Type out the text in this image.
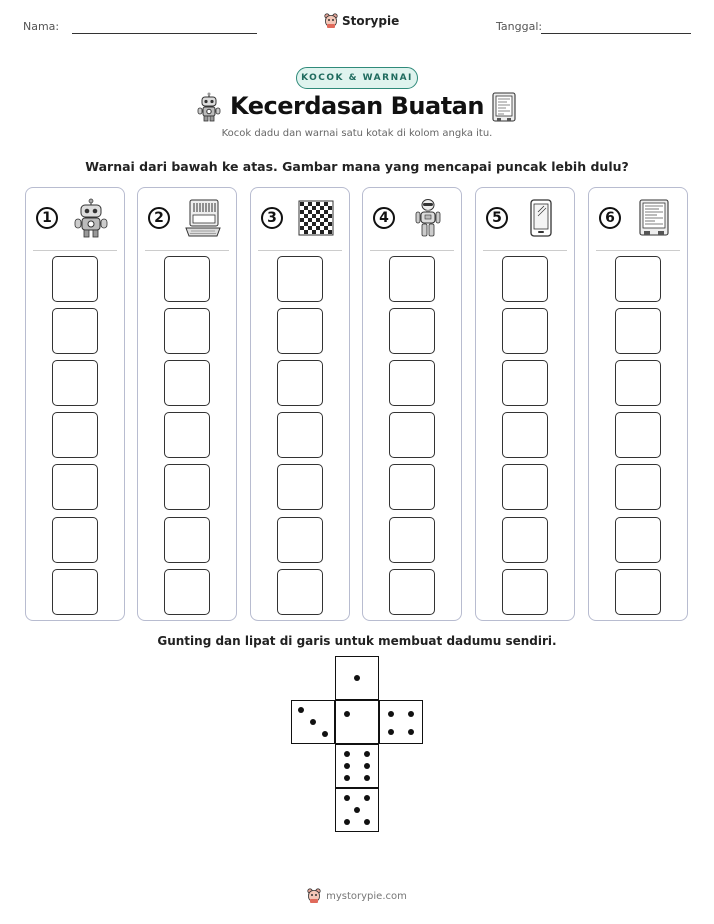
Nama:	Storypie	Tanggal:
KOCOK & WARNAI
Kecerdasan Buatan
Kocok dadu dan warnai satu kotak di kolom angka itu.
Warnai dari bawah ke atas. Gambar mana yang mencapai puncak lebih dulu?
1	2	3	4	5	6
Gunting dan lipat di garis untuk membuat dadumu sendiri.
mystorypie.com
